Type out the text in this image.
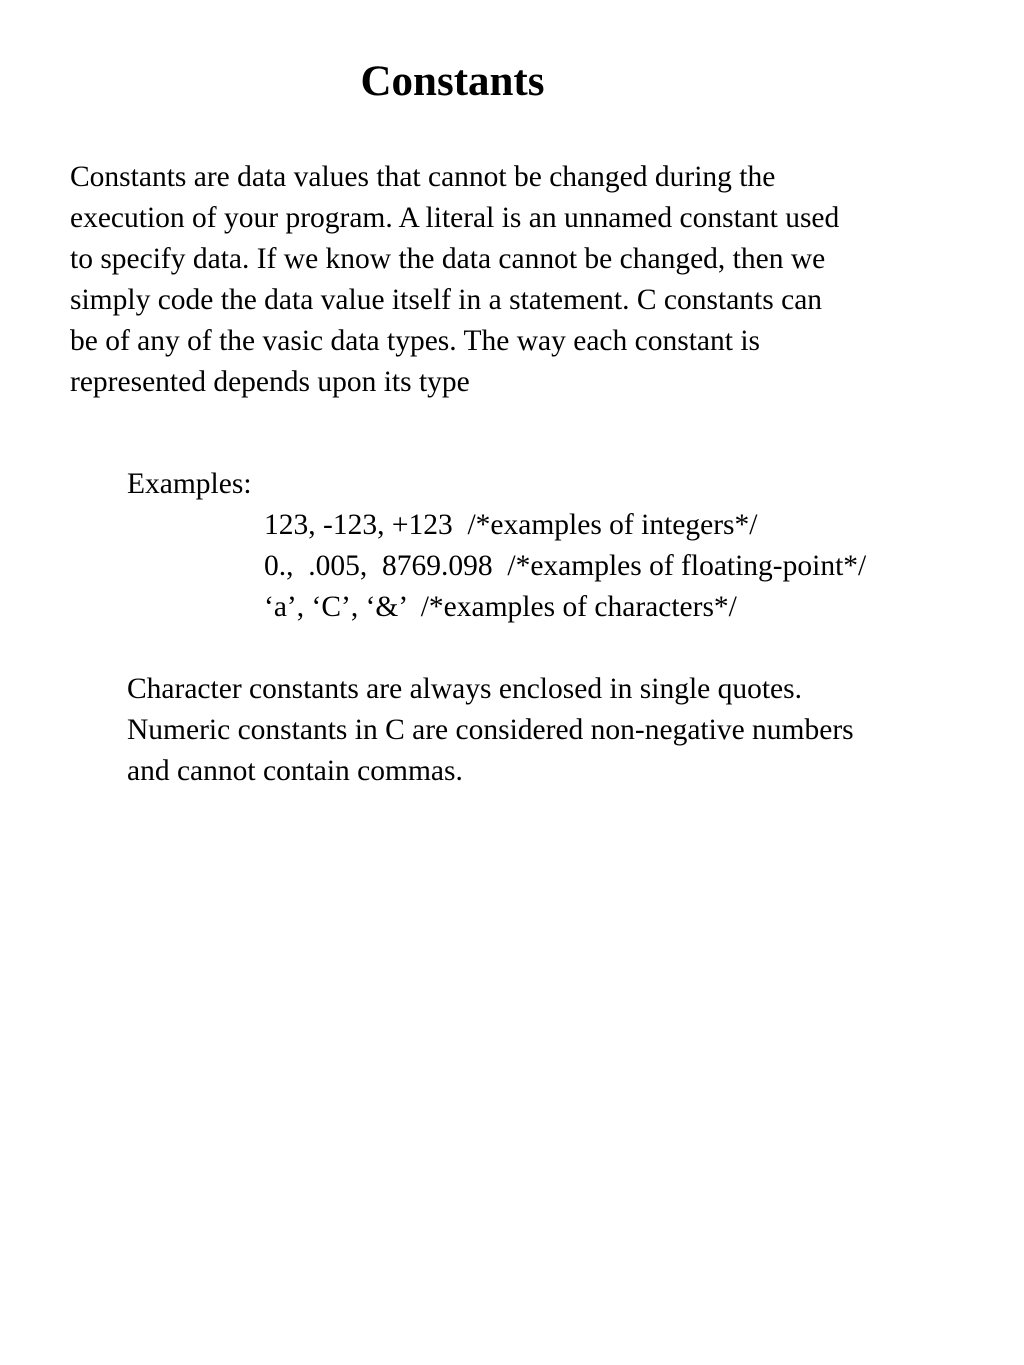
Constants

Constants are data values that cannot be changed during the
execution of your program. A literal is an unnamed constant used
to specify data. If we know the data cannot be changed, then we
simply code the data value itself in a statement. C constants can
be of any of the vasic data types. The way each constant is
represented depends upon its type

Examples:

123, -123, +123  /*examples of integers*/
0.,  .005,  8769.098  /*examples of floating-point*/
‘a’, ‘C’, ‘&’  /*examples of characters*/

Character constants are always enclosed in single quotes.
Numeric constants in C are considered non-negative numbers
and cannot contain commas.
